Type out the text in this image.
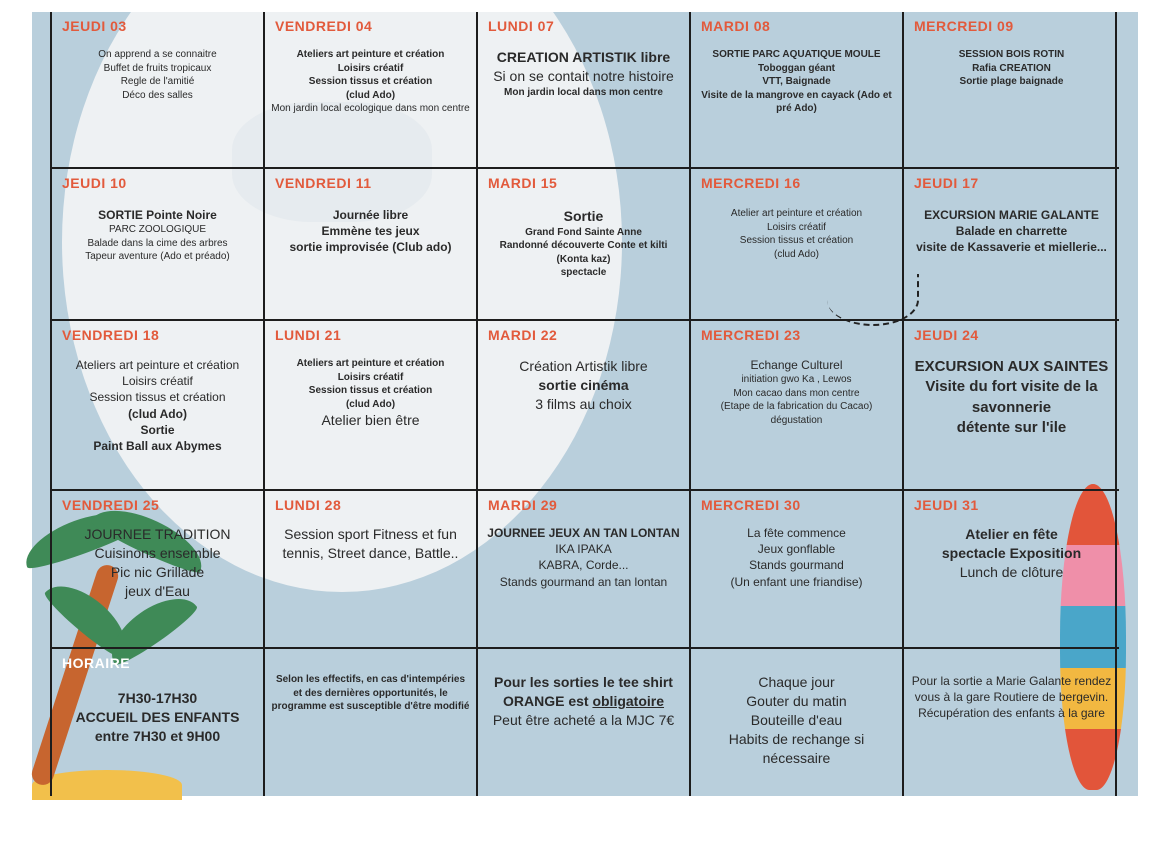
JEUDI 03
On apprend a se connaitre
Buffet de fruits tropicaux
Regle de l'amitié
Déco des salles
VENDREDI 04
Ateliers art peinture et création
Loisirs créatif
Session tissus et création
(clud Ado)
Mon jardin local ecologique dans mon centre
LUNDI 07
CREATION ARTISTIK libre
Si on se contait notre histoire
Mon jardin local dans mon centre
MARDI 08
SORTIE PARC AQUATIQUE MOULE
Toboggan géant
VTT, Baignade
Visite de la mangrove en cayack (Ado et pré Ado)
MERCREDI 09
SESSION BOIS ROTIN
Rafia CREATION
Sortie plage baignade
JEUDI 10
SORTIE Pointe Noire
PARC ZOOLOGIQUE
Balade dans la cime des arbres
Tapeur aventure (Ado et préado)
VENDREDI 11
Journée libre
Emmène tes jeux
sortie improvisée (Club ado)
MARDI 15
Sortie
Grand Fond Sainte Anne
Randonné découverte Conte et kilti
(Konta kaz)
spectacle
MERCREDI 16
Atelier art peinture et création
Loisirs créatif
Session tissus et création
(clud Ado)
JEUDI 17
EXCURSION MARIE GALANTE
Balade en charrette
visite de Kassaverie et miellerie...
VENDREDI 18
Ateliers art peinture et création
Loisirs créatif
Session tissus et création
(clud Ado)
Sortie
Paint Ball aux Abymes
LUNDI 21
Ateliers art peinture et création
Loisirs créatif
Session tissus et création
(clud Ado)
Atelier bien être
MARDI 22
Création Artistik libre
sortie cinéma
3 films au choix
MERCREDI 23
Echange Culturel
initiation gwo Ka , Lewos
Mon cacao dans mon centre
(Etape de la fabrication du Cacao)
dégustation
JEUDI 24
EXCURSION AUX SAINTES
Visite du fort visite de la
savonnerie
détente sur l'ile
VENDREDI 25
JOURNEE TRADITION
Cuisinons ensemble
Pic nic Grillade
jeux d'Eau
LUNDI 28
Session sport Fitness et fun tennis, Street dance, Battle..
MARDI 29
JOURNEE JEUX AN TAN LONTAN
IKA IPAKA
KABRA, Corde...
Stands gourmand an tan lontan
MERCREDI 30
La fête commence
Jeux gonflable
Stands gourmand
(Un enfant une friandise)
JEUDI 31
Atelier en fête
spectacle Exposition
Lunch de clôture
HORAIRE
7H30-17H30
ACCUEIL DES ENFANTS
entre 7H30 et 9H00
Selon les effectifs, en cas d'intempéries et des dernières opportunités, le programme est susceptible d'être modifié
Pour les sorties le tee shirt
ORANGE est obligatoire
Peut être acheté a la MJC 7€
Chaque jour
Gouter du matin
Bouteille d'eau
Habits de rechange si nécessaire
Pour la sortie a Marie Galante rendez vous à la gare Routiere de bergevin.
Récupération des enfants à la gare
